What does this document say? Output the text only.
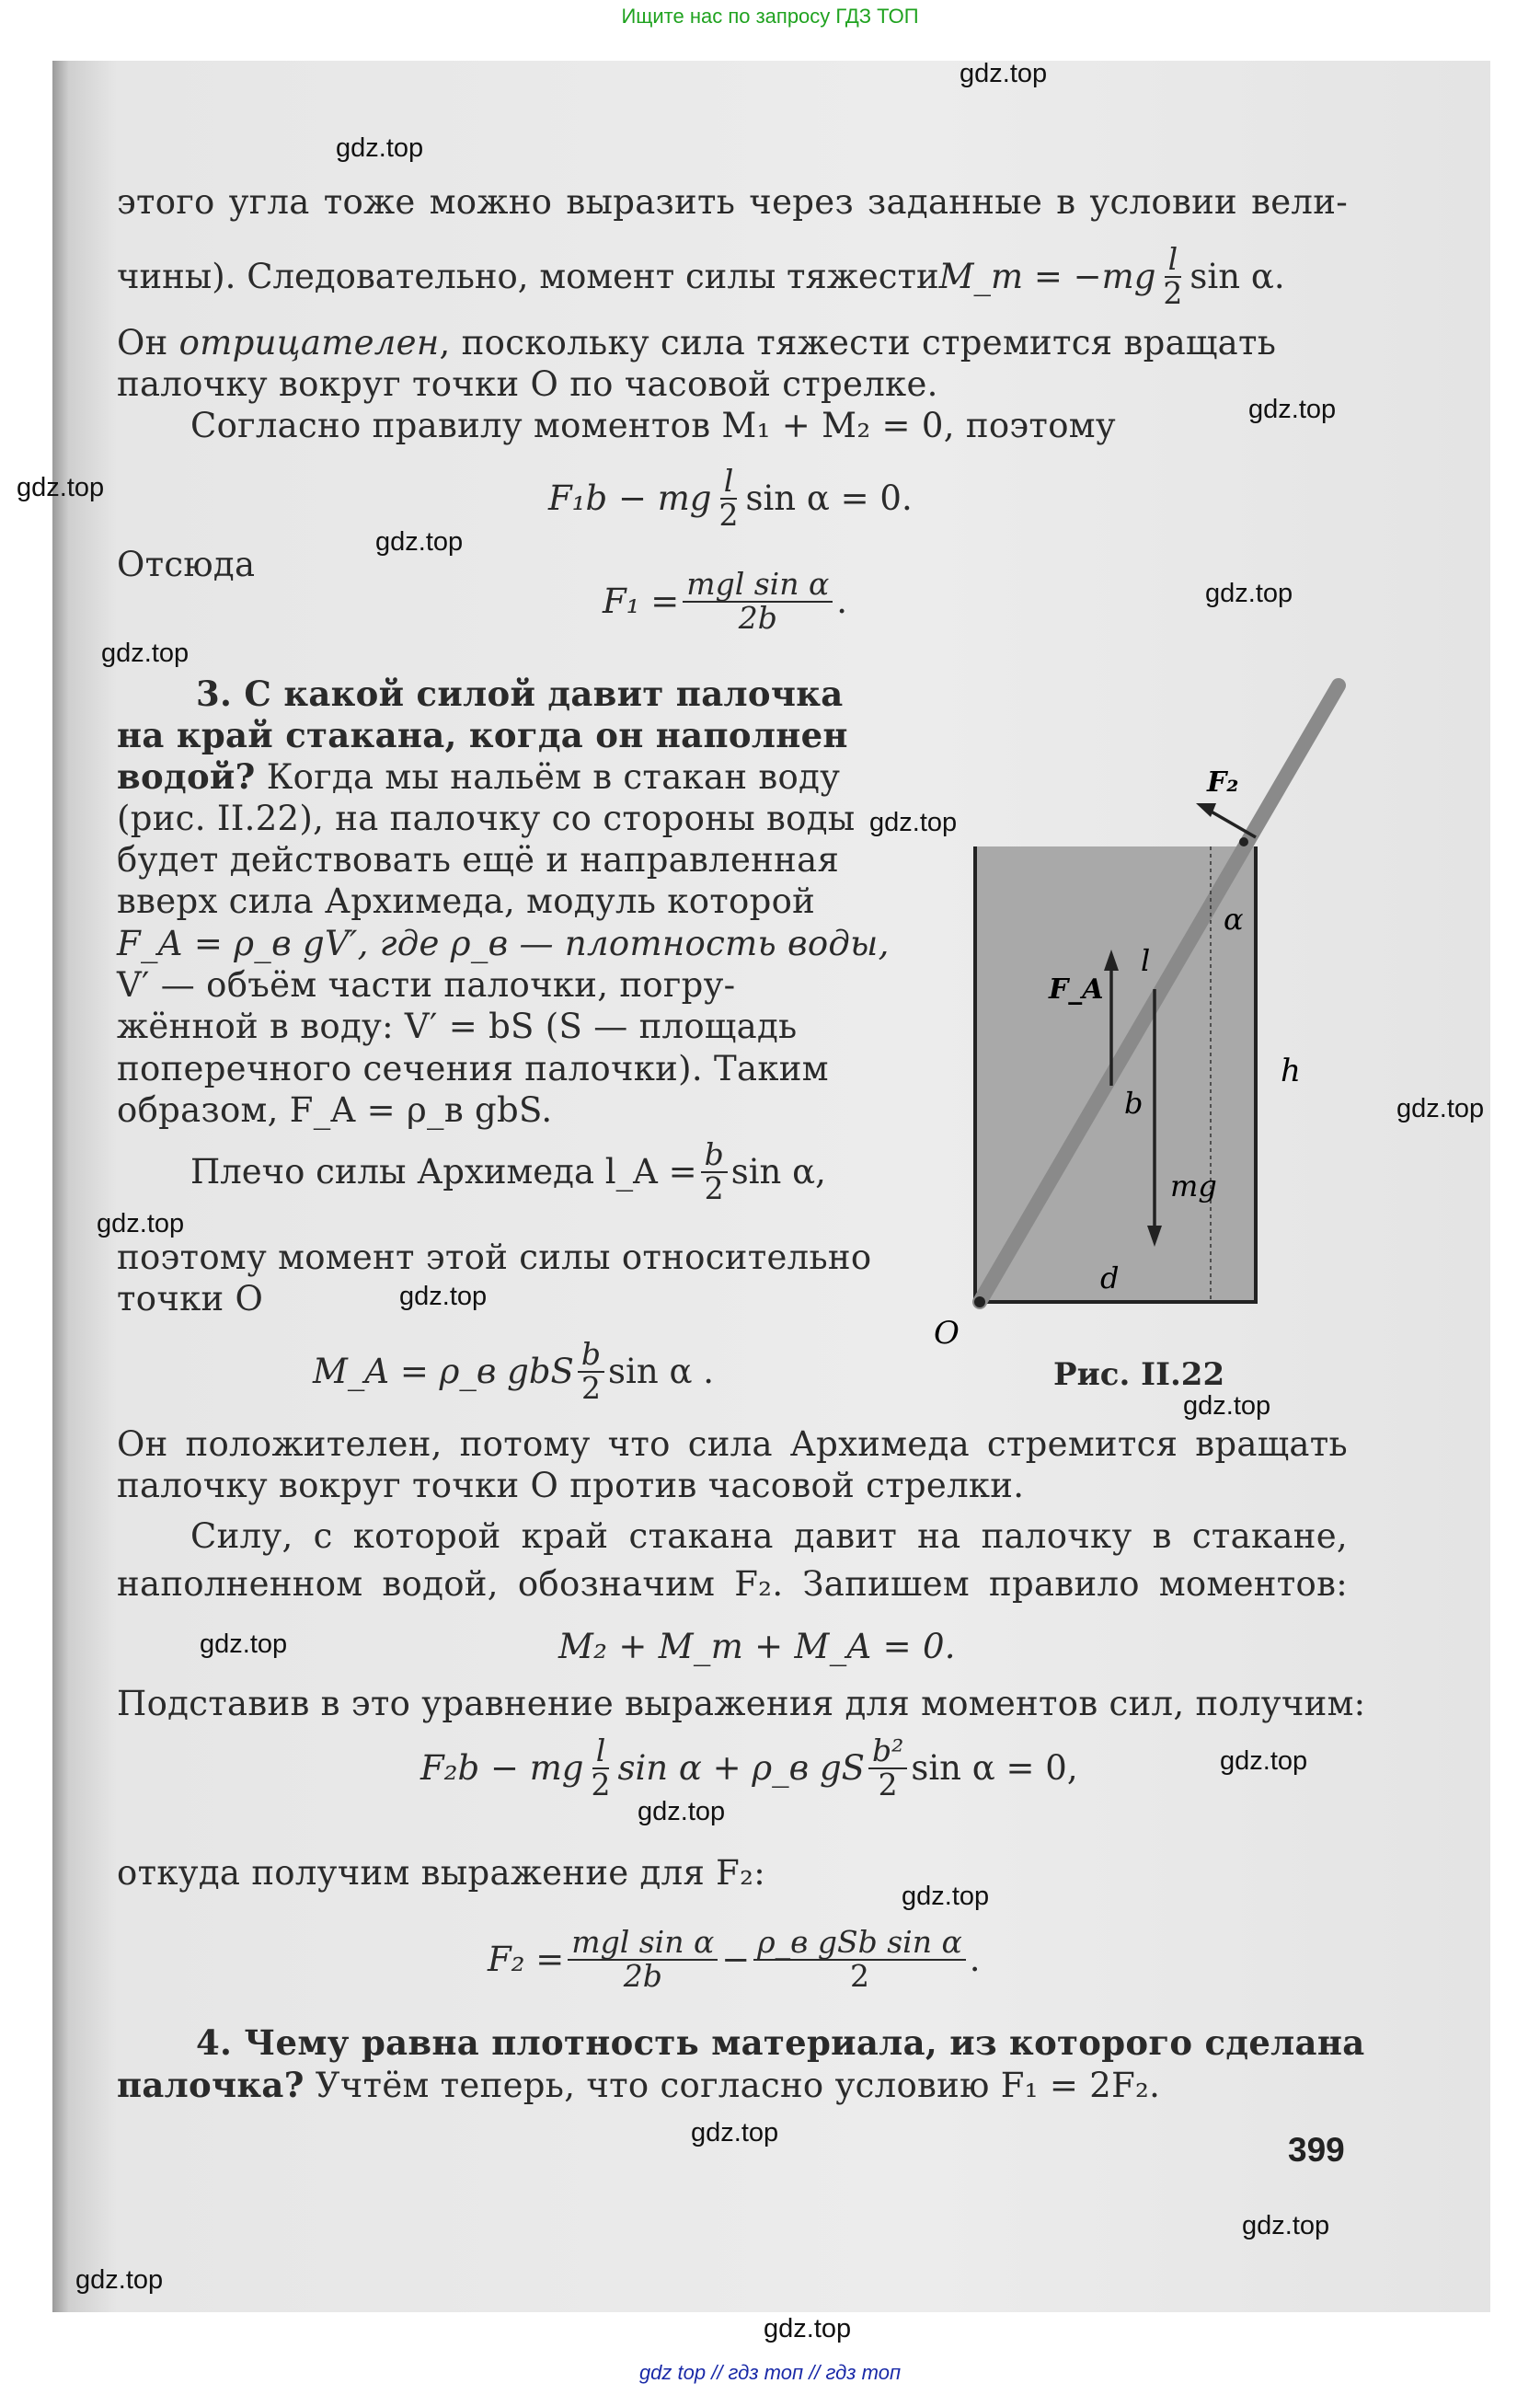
Ищите нас по запросу ГДЗ ТОП
этого угла тоже можно выразить через заданные в условии вели-
чины). Следовательно, момент силы тяжести M_т = $-mg \frac{l}{2}$ sin α.
Он отрицателен, поскольку сила тяжести стремится вращать
палочку вокруг точки O по часовой стрелке.
Согласно правилу моментов M₁ + M₂ = 0, поэтому
F₁b − mg $\frac{l}{2}$ sin α = 0.
Отсюда
$F_1 = \frac{\text{mgl sin α}}{2b}$ .
3. С какой силой давит палочка
на край стакана, когда он наполнен
водой? Когда мы нальём в стакан воду
(рис. II.22), на палочку со стороны воды
будет действовать ещё и направленная
вверх сила Архимеда, модуль которой
F_A = ρ_в gV′, где ρ_в — плотность воды,
V′ — объём части палочки, погру-
жённой в воду: V′ = bS (S — площадь
поперечного сечения палочки). Таким
образом, F_A = ρ_в gbS.
Плечо силы Архимеда l_A = $\frac{b}{2}$ sin α,
поэтому момент этой силы относительно
точки O
M_A = ρ_в gbS $\frac{b}{2}$ sin α .
Он положителен, потому что сила Архимеда стремится вращать
палочку вокруг точки O против часовой стрелки.
Силу, с которой край стакана давит на палочку в стакане,
наполненном водой, обозначим F₂. Запишем правило моментов:
M₂ + M_т + M_A = 0.
Подставив в это уравнение выражения для моментов сил, получим:
F₂b − mg $\frac{l}{2}$ sin α + ρ_в gS $\frac{\text{b²}}{2}$ sin α = 0,
откуда получим выражение для F₂:
$F_2 = \frac{\text{mgl sin α}}{2b} - \frac{\text{ρ\_в gSb sin α}}{2}$ .
4. Чему равна плотность материала, из которого сделана
палочка? Учтём теперь, что согласно условию F₁ = 2F₂.
399
F₂
F_A
l
α
h
b
mg
d
O
Рис. II.22
gdz.top
gdz.top
gdz.top
gdz.top
gdz.top
gdz.top
gdz.top
gdz.top
gdz.top
gdz.top
gdz.top
gdz.top
gdz.top
gdz.top
gdz.top
gdz.top
gdz.top
gdz.top
gdz.top
gdz.top
gdz top // гдз топ // гдз топ
